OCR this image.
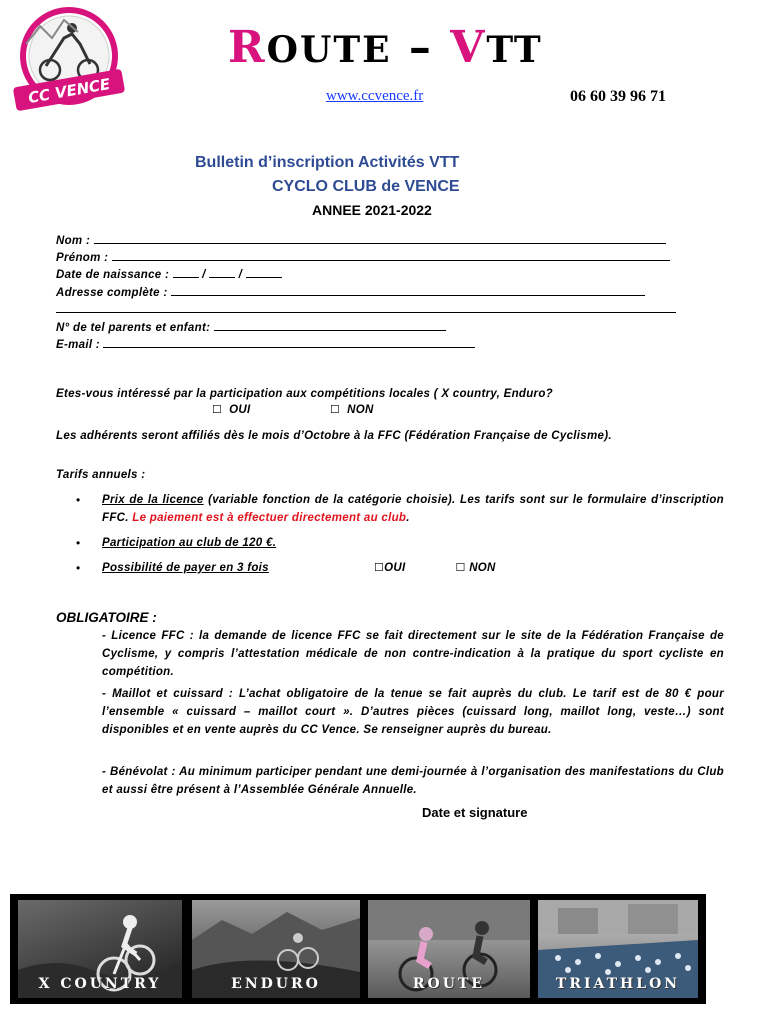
CC VENCE
ROUTE – VTT
www.ccvence.fr	06 60 39 96 71
Bulletin d’inscription Activités VTT
CYCLO CLUB de VENCE
ANNEE 2021-2022
Nom :
Prénom :
Date de naissance :	/  /
Adresse complète :
N° de tel parents et enfant:
E-mail :
Etes-vous intéressé par la participation aux compétitions locales ( X country, Enduro?
☐ OUI	☐ NON
Les adhérents seront affiliés dès le mois d’Octobre à la FFC (Fédération Française de Cyclisme).
Tarifs annuels :
• Prix de la licence (variable fonction de la catégorie choisie). Les tarifs sont sur le formulaire d’inscription FFC. Le paiement est à effectuer directement au club.
• Participation au club de 120 €.
• Possibilité de payer en 3 fois	☐OUI	☐ NON
OBLIGATOIRE :
- Licence FFC : la demande de licence FFC se fait directement sur le site de la Fédération Française de Cyclisme, y compris l’attestation médicale de non contre-indication à la pratique du sport cycliste en compétition.
- Maillot et cuissard : L’achat obligatoire de la tenue se fait auprès du club. Le tarif est de 80 € pour l’ensemble « cuissard – maillot court ». D’autres pièces (cuissard long, maillot long, veste…) sont disponibles et en vente auprès du CC Vence. Se renseigner auprès du bureau.
- Bénévolat : Au minimum participer pendant une demi-journée à l’organisation des manifestations du Club et aussi être présent à l’Assemblée Générale Annuelle.
Date et signature
X COUNTRY	ENDURO	ROUTE	TRIATHLON
